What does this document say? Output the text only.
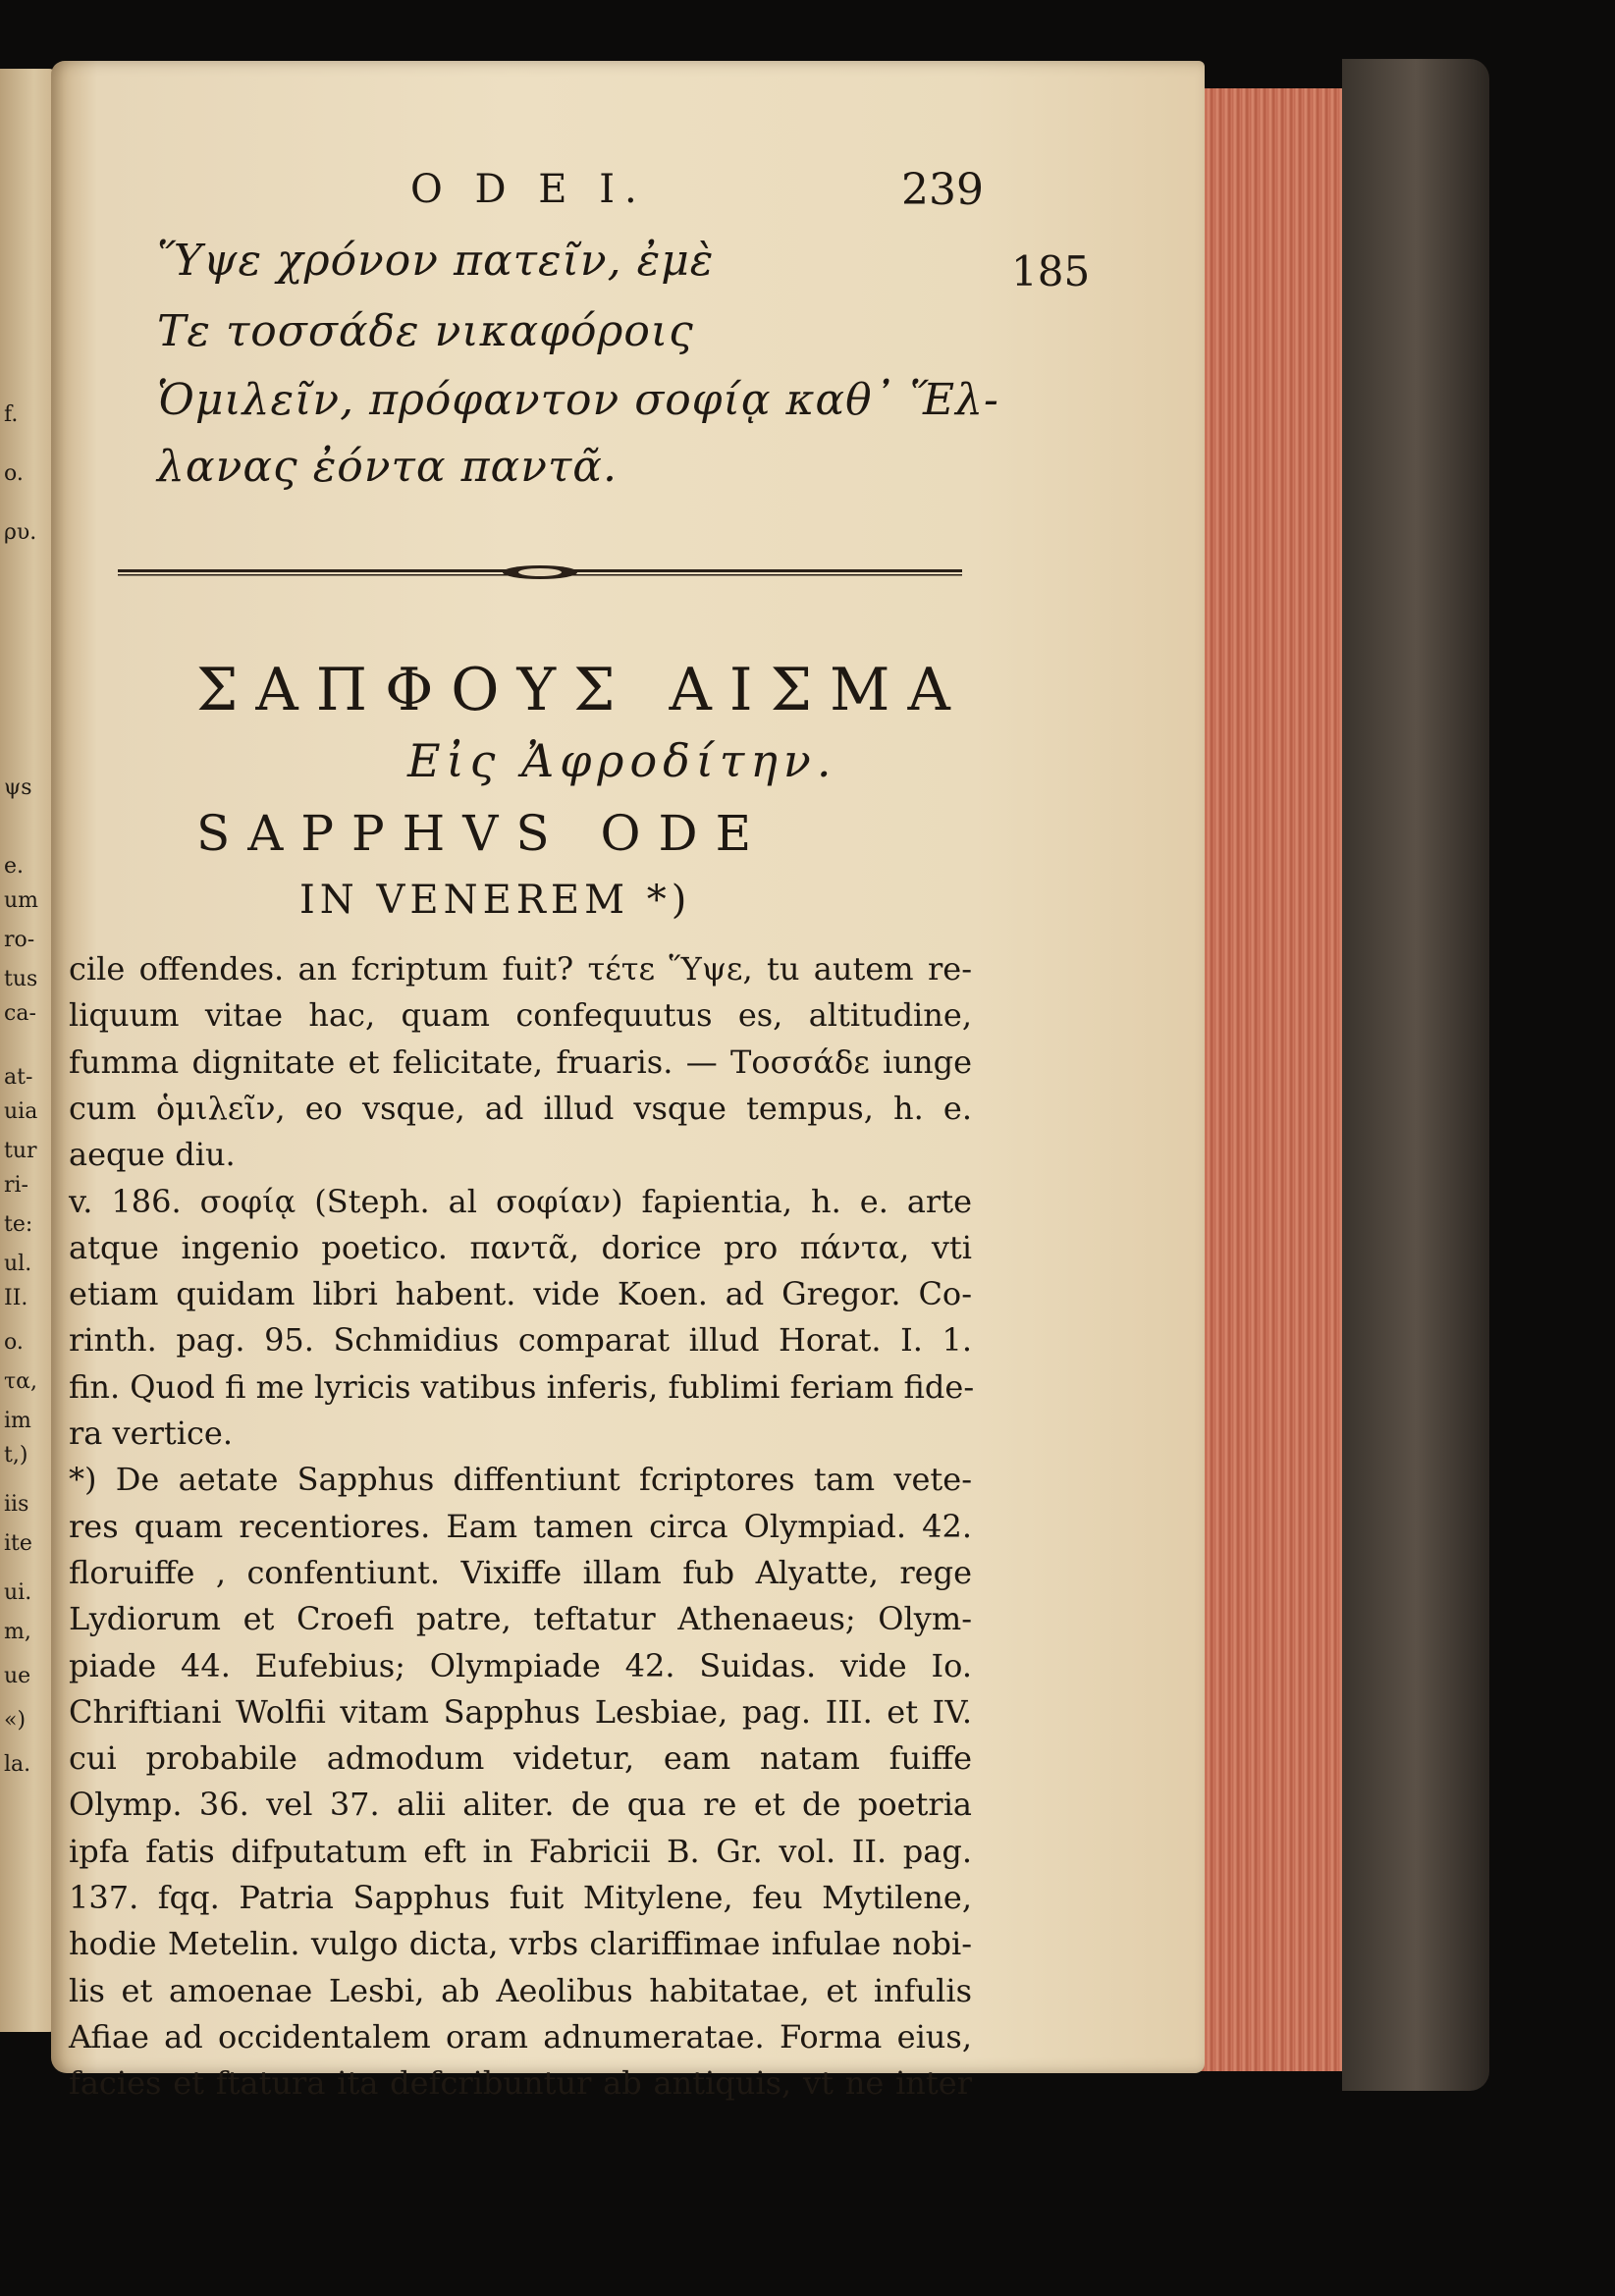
O D E I.	239
185
Ὕψε χρόνον πατεῖν, ἐμὲ
Τε τοσσάδε νικαφόροις
Ὁμιλεῖν, πρόφαντον σοφίᾳ καθ᾽ Ἕλ-
λανας ἐόντα παντᾶ.
ΣΑΠΦΟΥΣ ΑΙΣΜΑ
Εἰς Ἀφροδίτην.
SAPPHVS ODE
IN VENEREM *)
cile offendes. an fcriptum fuit? τέτε Ὕψε, tu autem re-
liquum vitae hac, quam confequutus es, altitudine,
fumma dignitate et felicitate, fruaris. — Τοσσάδε iunge
cum ὁμιλεῖν, eo vsque, ad illud vsque tempus, h. e.
aeque diu.
v. 186. σοφίᾳ (Steph. al σοφίαν) fapientia, h. e. arte
atque ingenio poetico. παντᾶ, dorice pro πάντα, vti
etiam quidam libri habent. vide Koen. ad Gregor. Co-
rinth. pag. 95. Schmidius comparat illud Horat. I. 1.
fin. Quod fi me lyricis vatibus inferis, fublimi feriam fide-
ra vertice.
*) De aetate Sapphus diffentiunt fcriptores tam vete-
res quam recentiores. Eam tamen circa Olympiad. 42.
floruiffe , confentiunt. Vixiffe illam fub Alyatte, rege
Lydiorum et Croefi patre, teftatur Athenaeus; Olym-
piade 44. Eufebius; Olympiade 42. Suidas. vide Io.
Chriftiani Wolfii vitam Sapphus Lesbiae, pag. III. et IV.
cui probabile admodum videtur, eam natam fuiffe
Olymp. 36. vel 37. alii aliter. de qua re et de poetria
ipfa fatis difputatum eft in Fabricii B. Gr. vol. II. pag.
137. fqq. Patria Sapphus fuit Mitylene, feu Mytilene,
hodie Metelin. vulgo dicta, vrbs clariffimae infulae nobi-
lis et amoenae Lesbi, ab Aeolibus habitatae, et infulis
Afiae ad occidentalem oram adnumeratae. Forma eius,
facies et ftatura ita defcribuntur ab antiquis, vt ne inter
f.
o.
ρυ.
ψs
e.
um
ro-
tus
ca-
at-
uia
tur
ri-
te:
ul.
II.
o.
τα,
im
t,)
iis
ite
ui.
m,
ue
«)
la.
